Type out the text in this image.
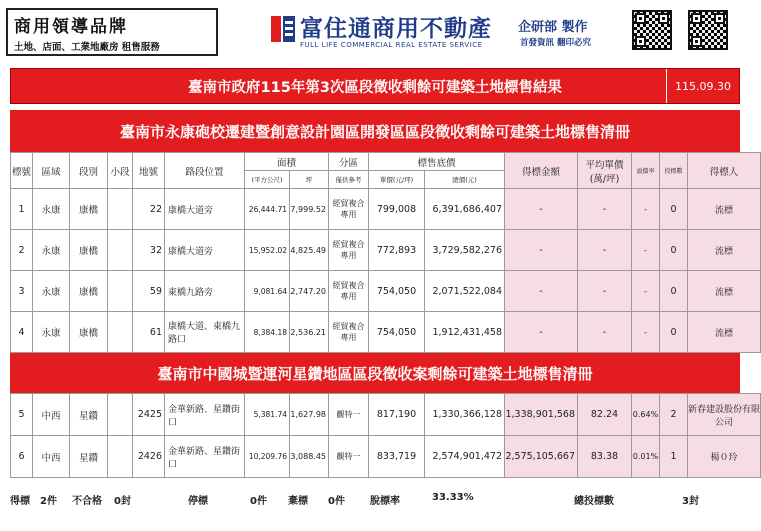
商用領導品牌
土地、店面、工業地廠房 租售服務
富住通商用不動產
FULL LIFE COMMERCIAL REAL ESTATE SERVICE
企研部 製作
首發資訊 翻印必究
臺南市政府115年第3次區段徵收剩餘可建築土地標售結果	115.09.30
臺南市永康砲校遷建暨創意設計園區開發區區段徵收剩餘可建築土地標售清冊
標號	區域	段別	小段	地號	路段位置	面積		分區	標售底價		得標金額	平均單價
(萬/坪)	溢價率	投標數	得標人
						(平方公尺)	坪	僅供參考	單價(元/坪)	總價(元)					
1	永康	康橋		22	康橋大道旁	26,444.71	7,999.52	經貿複合專用	799,008	6,391,686,407	-	-	-	0	流標
2	永康	康橋		32	康橋大道旁	15,952.02	4,825.49	經貿複合專用	772,893	3,729,582,276	-	-	-	0	流標
3	永康	康橋		59	東橋九路旁	9,081.64	2,747.20	經貿複合專用	754,050	2,071,522,084	-	-	-	0	流標
4	永康	康橋		61	康橋大道、東橋九路口	8,384.18	2,536.21	經貿複合專用	754,050	1,912,431,458	-	-	-	0	流標
臺南市中國城暨運河星鑽地區區段徵收案剩餘可建築土地標售清冊
5	中西	星鑽		2425	金華新路、星鑽街口	5,381.74	1,627.98	觀特一	817,190	1,330,366,128	1,338,901,568	82.24	0.64%	2	新春建設股份有限公司
6	中西	星鑽		2426	金華新路、星鑽街口	10,209.76	3,088.45	觀特一	833,719	2,574,901,472	2,575,105,667	83.38	0.01%	1	楊０玲
得標 2件 不合格 0封	停標	0件 棄標 0件	脫標率	33.33%	總投標數	3封
